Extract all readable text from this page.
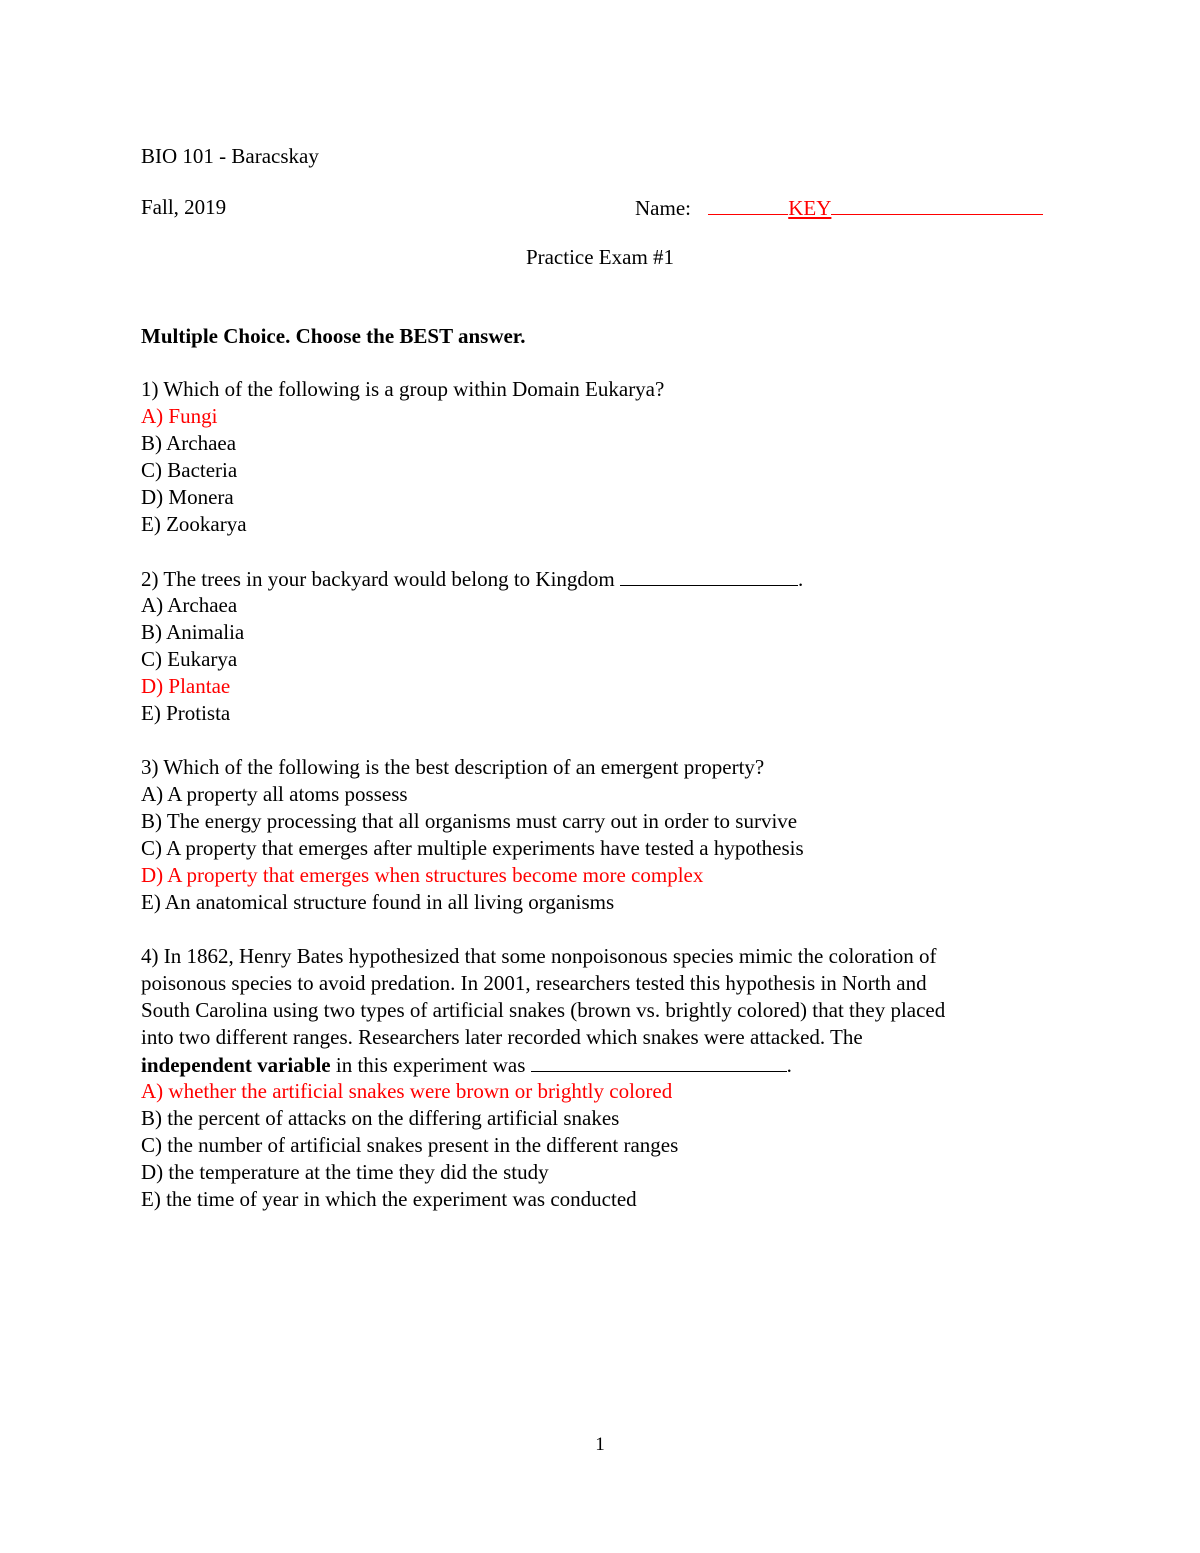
BIO 101 - Baracskay
Fall, 2019	Name:	KEY
Practice Exam #1
Multiple Choice. Choose the BEST answer.
1) Which of the following is a group within Domain Eukarya?
A) Fungi
B) Archaea
C) Bacteria
D) Monera
E) Zookarya
2) The trees in your backyard would belong to Kingdom	.
A) Archaea
B) Animalia
C) Eukarya
D) Plantae
E) Protista
3) Which of the following is the best description of an emergent property?
A) A property all atoms possess
B) The energy processing that all organisms must carry out in order to survive
C) A property that emerges after multiple experiments have tested a hypothesis
D) A property that emerges when structures become more complex
E) An anatomical structure found in all living organisms
4) In 1862, Henry Bates hypothesized that some nonpoisonous species mimic the coloration of
poisonous species to avoid predation. In 2001, researchers tested this hypothesis in North and
South Carolina using two types of artificial snakes (brown vs. brightly colored) that they placed
into two different ranges. Researchers later recorded which snakes were attacked. The
independent variable in this experiment was	.
A) whether the artificial snakes were brown or brightly colored
B) the percent of attacks on the differing artificial snakes
C) the number of artificial snakes present in the different ranges
D) the temperature at the time they did the study
E) the time of year in which the experiment was conducted
1
